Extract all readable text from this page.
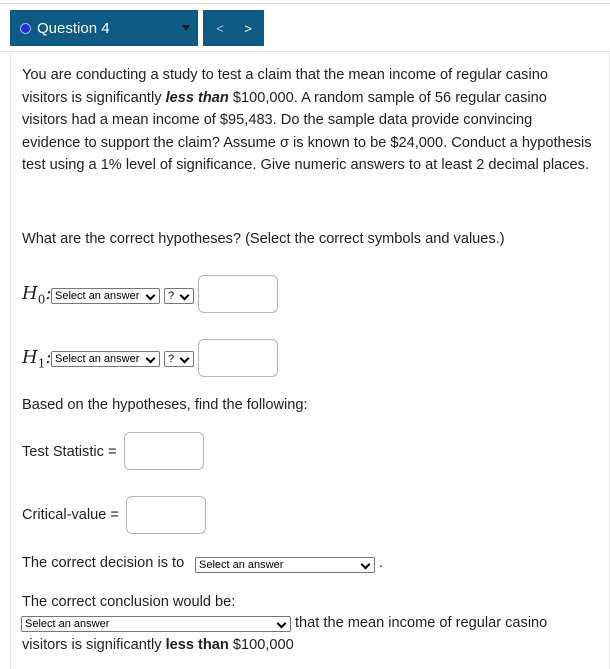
Question 4	<	>
You are conducting a study to test a claim that the mean income of regular casino visitors is significantly less than $100,000. A random sample of 56 regular casino visitors had a mean income of $95,483. Do the sample data provide convincing evidence to support the claim? Assume σ is known to be $24,000. Conduct a hypothesis test using a 1% level of significance. Give numeric answers to at least 2 decimal places.
What are the correct hypotheses? (Select the correct symbols and values.)
$H_0$: Select an answer	?
$H_1$: Select an answer	?
Based on the hypotheses, find the following:
Test Statistic =
Critical-value =
The correct decision is to	Select an answer	.
The correct conclusion would be:
Select an answer	that the mean income of regular casino
visitors is significantly less than $100,000
